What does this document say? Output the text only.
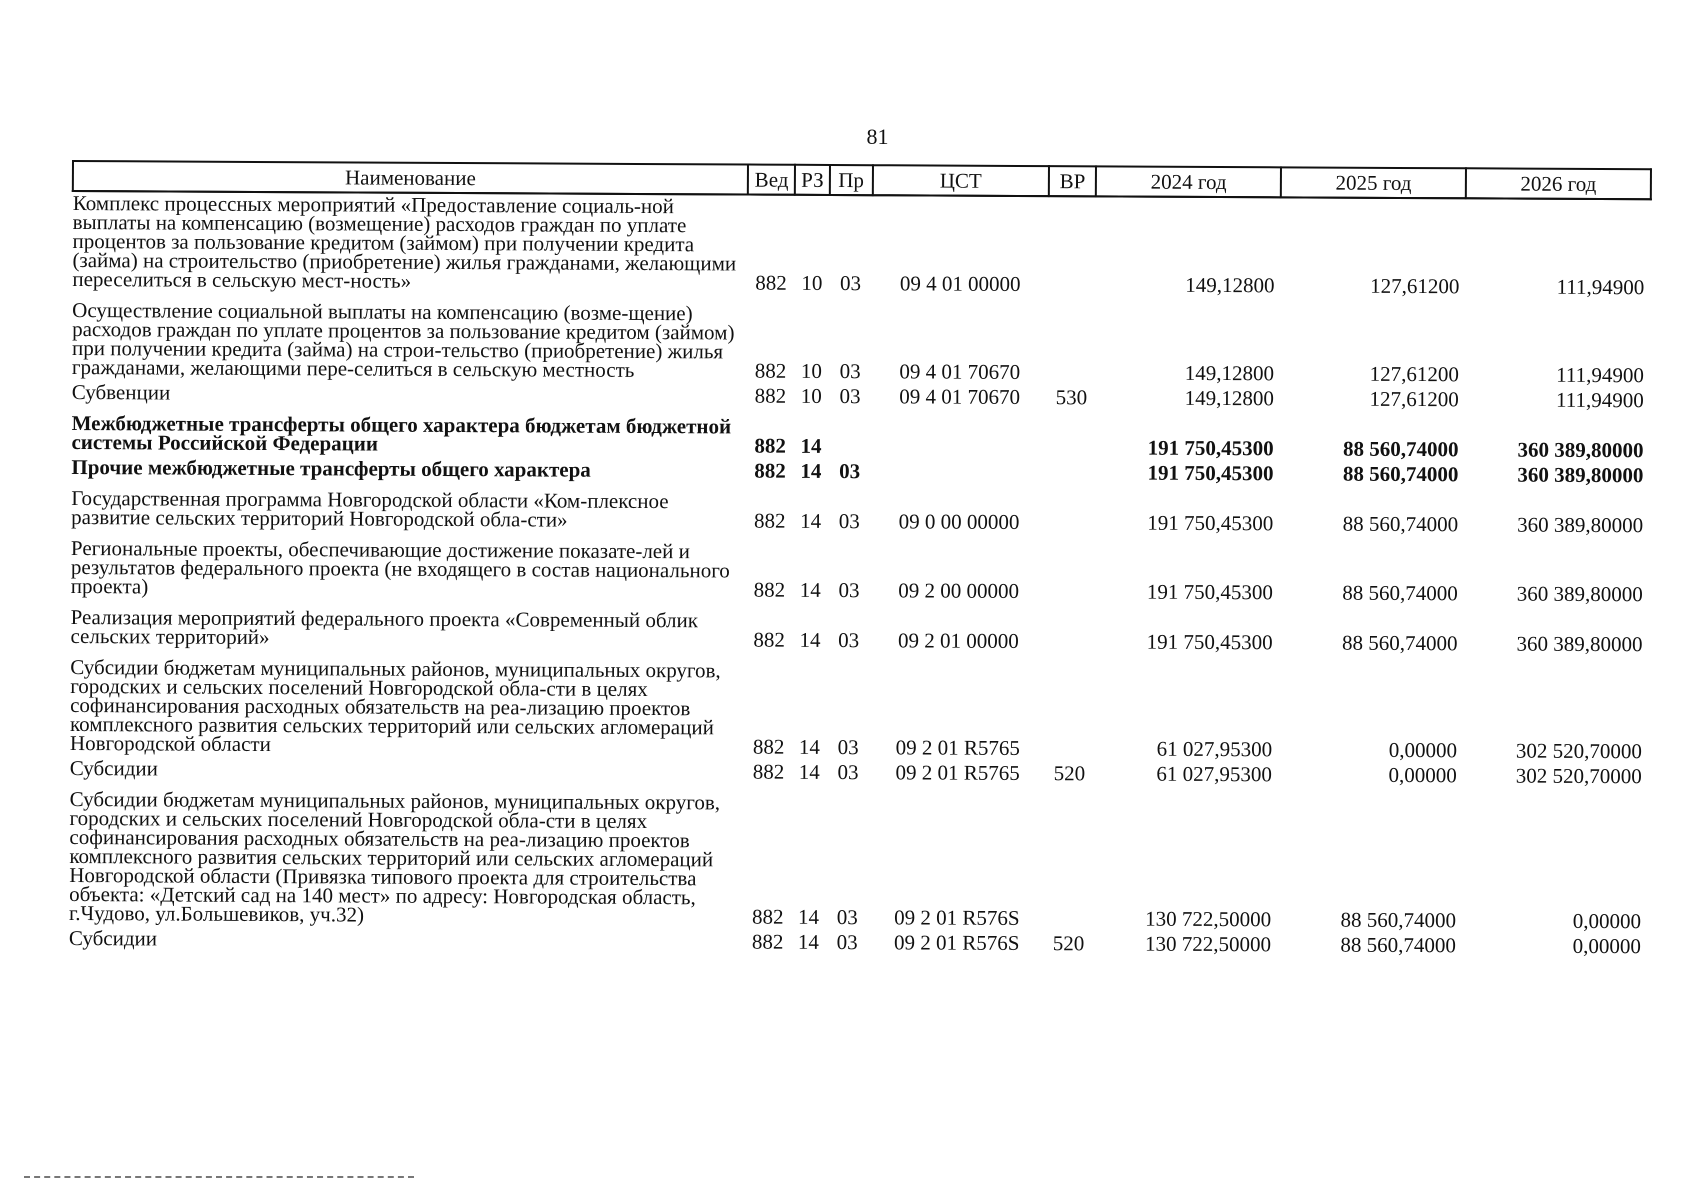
81
Наименование	Вед	РЗ	Пр	ЦСТ	ВР	2024 год	2025 год	2026 год
Комплекс процессных мероприятий «Предоставление социаль-ной выплаты на компенсацию (возмещение) расходов граждан по уплате процентов за пользование кредитом (займом) при получении кредита (займа) на строительство (приобретение) жилья гражданами, желающими переселиться в сельскую мест-ность»	882	10	03	09 4 01 00000		149,12800	127,61200	111,94900
Осуществление социальной выплаты на компенсацию (возме-щение) расходов граждан по уплате процентов за пользование кредитом (займом) при получении кредита (займа) на строи-тельство (приобретение) жилья гражданами, желающими пере-селиться в сельскую местность	882	10	03	09 4 01 70670		149,12800	127,61200	111,94900
Субвенции	882	10	03	09 4 01 70670	530	149,12800	127,61200	111,94900
Межбюджетные трансферты общего характера бюджетам бюджетной системы Российской Федерации	882	14				191 750,45300	88 560,74000	360 389,80000
Прочие межбюджетные трансферты общего характера	882	14	03			191 750,45300	88 560,74000	360 389,80000
Государственная программа Новгородской области «Ком-плексное развитие сельских территорий Новгородской обла-сти»	882	14	03	09 0 00 00000		191 750,45300	88 560,74000	360 389,80000
Региональные проекты, обеспечивающие достижение показате-лей и результатов федерального проекта (не входящего в состав национального проекта)	882	14	03	09 2 00 00000		191 750,45300	88 560,74000	360 389,80000
Реализация мероприятий федерального проекта «Современный облик сельских территорий»	882	14	03	09 2 01 00000		191 750,45300	88 560,74000	360 389,80000
Субсидии бюджетам муниципальных районов, муниципальных округов, городских и сельских поселений Новгородской обла-сти в целях софинансирования расходных обязательств на реа-лизацию проектов комплексного развития сельских территорий или сельских агломераций Новгородской области	882	14	03	09 2 01 R5765		61 027,95300	0,00000	302 520,70000
Субсидии	882	14	03	09 2 01 R5765	520	61 027,95300	0,00000	302 520,70000
Субсидии бюджетам муниципальных районов, муниципальных округов, городских и сельских поселений Новгородской обла-сти в целях софинансирования расходных обязательств на реа-лизацию проектов комплексного развития сельских территорий или сельских агломераций Новгородской области (Привязка типового проекта для строительства объекта: «Детский сад на 140 мест» по адресу: Новгородская область, г.Чудово, ул.Большевиков, уч.32)	882	14	03	09 2 01 R576S		130 722,50000	88 560,74000	0,00000
Субсидии	882	14	03	09 2 01 R576S	520	130 722,50000	88 560,74000	0,00000
